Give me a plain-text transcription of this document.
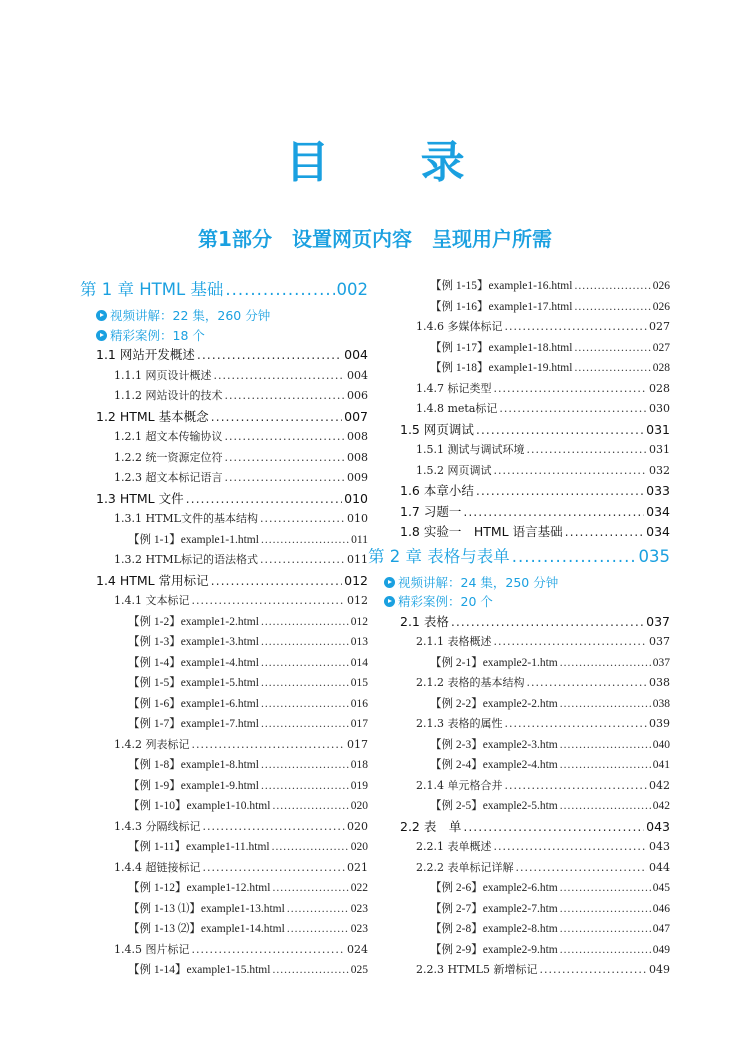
目 录
第1部分　设置网页内容　呈现用户所需
第 1 章 HTML 基础 .....	002
视频讲解：22 集，260 分钟
精彩案例：18 个
1.1 网站开发概述 .....	004
1.1.1 网页设计概述 .....	004
1.1.2 网站设计的技术 .....	006
1.2 HTML 基本概念 .....	007
1.2.1 超文本传输协议 .....	008
1.2.2 统一资源定位符 .....	008
1.2.3 超文本标记语言 .....	009
1.3 HTML 文件 .....	010
1.3.1 HTML文件的基本结构 .....	010
【例 1-1】example1-1.html .....	011
1.3.2 HTML标记的语法格式 .....	011
1.4 HTML 常用标记 .....	012
1.4.1 文本标记 .....	012
【例 1-2】example1-2.html .....	012
【例 1-3】example1-3.html .....	013
【例 1-4】example1-4.html .....	014
【例 1-5】example1-5.html .....	015
【例 1-6】example1-6.html .....	016
【例 1-7】example1-7.html .....	017
1.4.2 列表标记 .....	017
【例 1-8】example1-8.html .....	018
【例 1-9】example1-9.html .....	019
【例 1-10】example1-10.html .....	020
1.4.3 分隔线标记 .....	020
【例 1-11】example1-11.html .....	020
1.4.4 超链接标记 .....	021
【例 1-12】example1-12.html .....	022
【例 1-13 ⑴】example1-13.html .....	023
【例 1-13 ⑵】example1-14.html .....	023
1.4.5 图片标记 .....	024
【例 1-14】example1-15.html .....	025
【例 1-15】example1-16.html .....	026
【例 1-16】example1-17.html .....	026
1.4.6 多媒体标记 .....	027
【例 1-17】example1-18.html .....	027
【例 1-18】example1-19.html .....	028
1.4.7 标记类型 .....	028
1.4.8 meta标记 .....	030
1.5 网页调试 .....	031
1.5.1 测试与调试环境 .....	031
1.5.2 网页调试 .....	032
1.6 本章小结 .....	033
1.7 习题一 .....	034
1.8 实验一　HTML 语言基础 .....	034
第 2 章 表格与表单 .....	035
视频讲解：24 集，250 分钟
精彩案例：20 个
2.1 表格 .....	037
2.1.1 表格概述 .....	037
【例 2-1】example2-1.htm .....	037
2.1.2 表格的基本结构 .....	038
【例 2-2】example2-2.htm .....	038
2.1.3 表格的属性 .....	039
【例 2-3】example2-3.htm .....	040
【例 2-4】example2-4.htm .....	041
2.1.4 单元格合并 .....	042
【例 2-5】example2-5.htm .....	042
2.2 表　单 .....	043
2.2.1 表单概述 .....	043
2.2.2 表单标记详解 .....	044
【例 2-6】example2-6.htm .....	045
【例 2-7】example2-7.htm .....	046
【例 2-8】example2-8.htm .....	047
【例 2-9】example2-9.htm .....	049
2.2.3 HTML5 新增标记 .....	049
